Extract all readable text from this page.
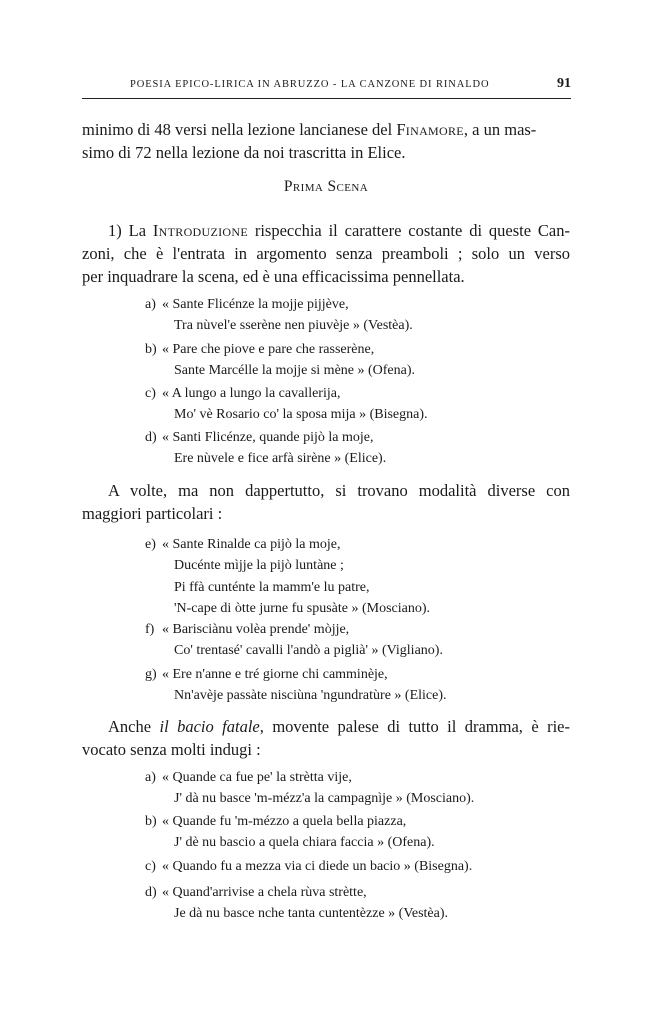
POESIA EPICO-LIRICA IN ABRUZZO - LA CANZONE DI RINALDO	91
minimo di 48 versi nella lezione lancianese del Finamore, a un mas-
simo di 72 nella lezione da noi trascritta in Elice.
Prima Scena
1) La Introduzione rispecchia il carattere costante di queste Can-
zoni, che è l'entrata in argomento senza preamboli ; solo un verso
per inquadrare la scena, ed è una efficacissima pennellata.
a) « Sante Flicénze la mojje pijjève,
Tra nùvel'e sserène nen piuvèje » (Vestèa).
b) « Pare che piove e pare che rasserène,
Sante Marcélle la mojje si mène » (Ofena).
c) « A lungo a lungo la cavallerija,
Mo' vè Rosario co' la sposa mija » (Bisegna).
d) « Santi Flicénze, quande pijò la moje,
Ere nùvele e fice arfà sirène » (Elice).
A volte, ma non dappertutto, si trovano modalità diverse con
maggiori particolari :
e) « Sante Rinalde ca pijò la moje,
Ducénte mìjje la pijò luntàne ;
Pi ffà cunténte la mamm'e lu patre,
'N-cape di òtte jurne fu spusàte » (Mosciano).
f) « Barisciànu volèa prende' mòjje,
Co' trentasé' cavalli l'andò a piglià' » (Vigliano).
g) « Ere n'anne e tré giorne chi camminèje,
Nn'avèje passàte nisciùna 'ngundratùre » (Elice).
Anche il bacio fatale, movente palese di tutto il dramma, è rie-
vocato senza molti indugi :
a) « Quande ca fue pe' la strètta vije,
J' dà nu basce 'm-mézz'a la campagnìje » (Mosciano).
b) « Quande fu 'm-mézzo a quela bella piazza,
J' dè nu bascio a quela chiara faccia » (Ofena).
c) « Quando fu a mezza via ci diede un bacio » (Bisegna).
d) « Quand'arrivise a chela rùva strètte,
Je dà nu basce nche tanta cuntentèzze » (Vestèa).
